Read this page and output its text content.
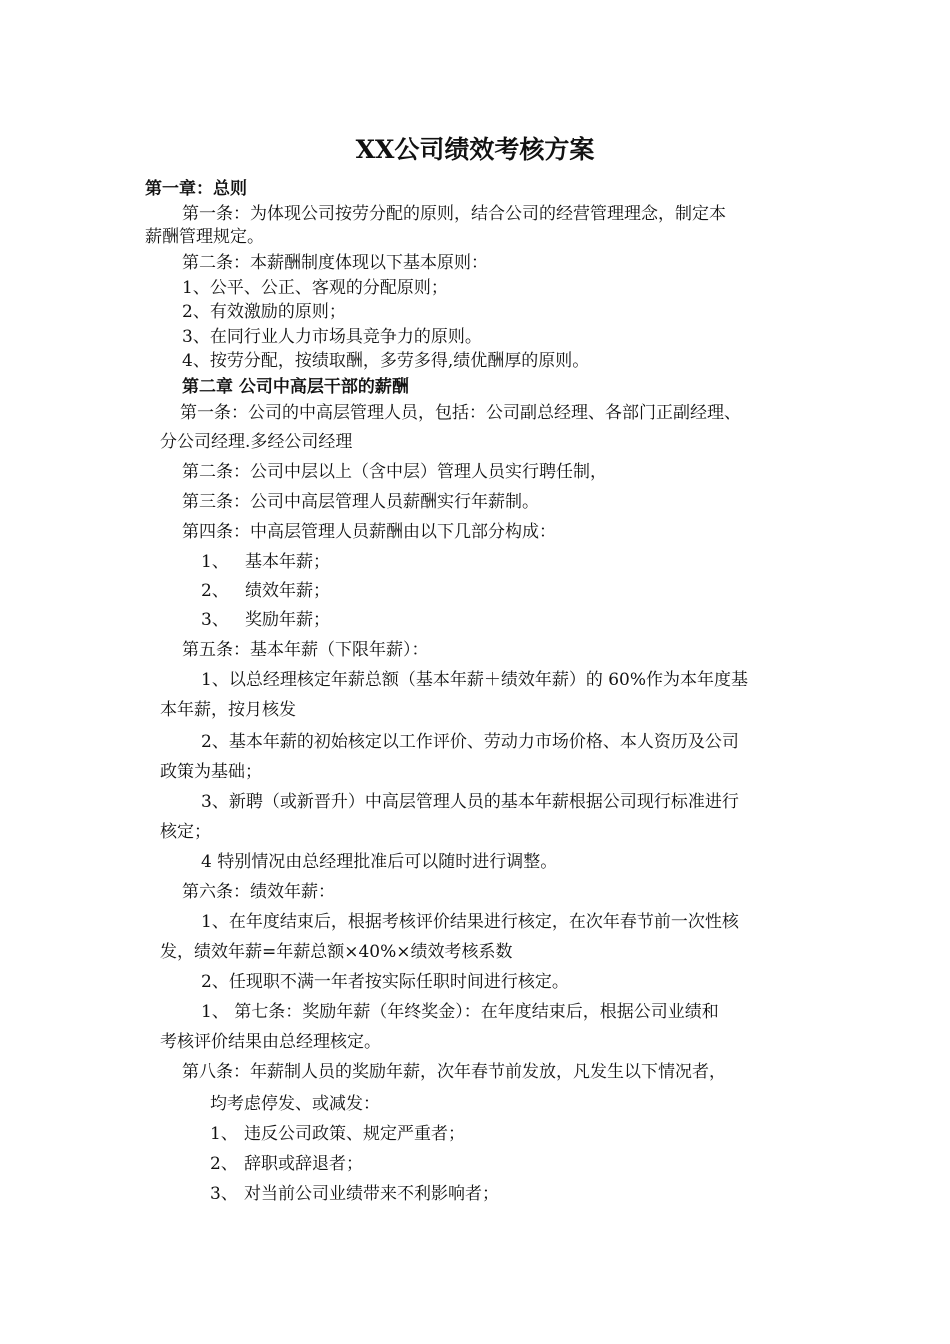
XX公司绩效考核方案
第一章：总则
第一条：为体现公司按劳分配的原则，结合公司的经营管理理念，制定本
薪酬管理规定。
第二条：本薪酬制度体现以下基本原则：
1、公平、公正、客观的分配原则；
2、有效激励的原则；
3、在同行业人力市场具竞争力的原则。
4、按劳分配，按绩取酬，多劳多得,绩优酬厚的原则。
第二章 公司中高层干部的薪酬
第一条：公司的中高层管理人员，包括：公司副总经理、各部门正副经理、
分公司经理.多经公司经理
第二条：公司中层以上（含中层）管理人员实行聘任制，
第三条：公司中高层管理人员薪酬实行年薪制。
第四条：中高层管理人员薪酬由以下几部分构成：
1、 基本年薪；
2、 绩效年薪；
3、 奖励年薪；
第五条：基本年薪（下限年薪）：
1、以总经理核定年薪总额（基本年薪＋绩效年薪）的 60%作为本年度基
本年薪，按月核发
2、基本年薪的初始核定以工作评价、劳动力市场价格、本人资历及公司
政策为基础；
3、新聘（或新晋升）中高层管理人员的基本年薪根据公司现行标准进行
核定；
4 特别情况由总经理批准后可以随时进行调整。
第六条：绩效年薪：
1、在年度结束后，根据考核评价结果进行核定，在次年春节前一次性核
发，绩效年薪=年薪总额×40%×绩效考核系数
2、任现职不满一年者按实际任职时间进行核定。
1、 第七条：奖励年薪（年终奖金）：在年度结束后，根据公司业绩和
考核评价结果由总经理核定。
第八条：年薪制人员的奖励年薪，次年春节前发放，凡发生以下情况者，
均考虑停发、或减发：
1、 违反公司政策、规定严重者；
2、 辞职或辞退者；
3、 对当前公司业绩带来不利影响者；
